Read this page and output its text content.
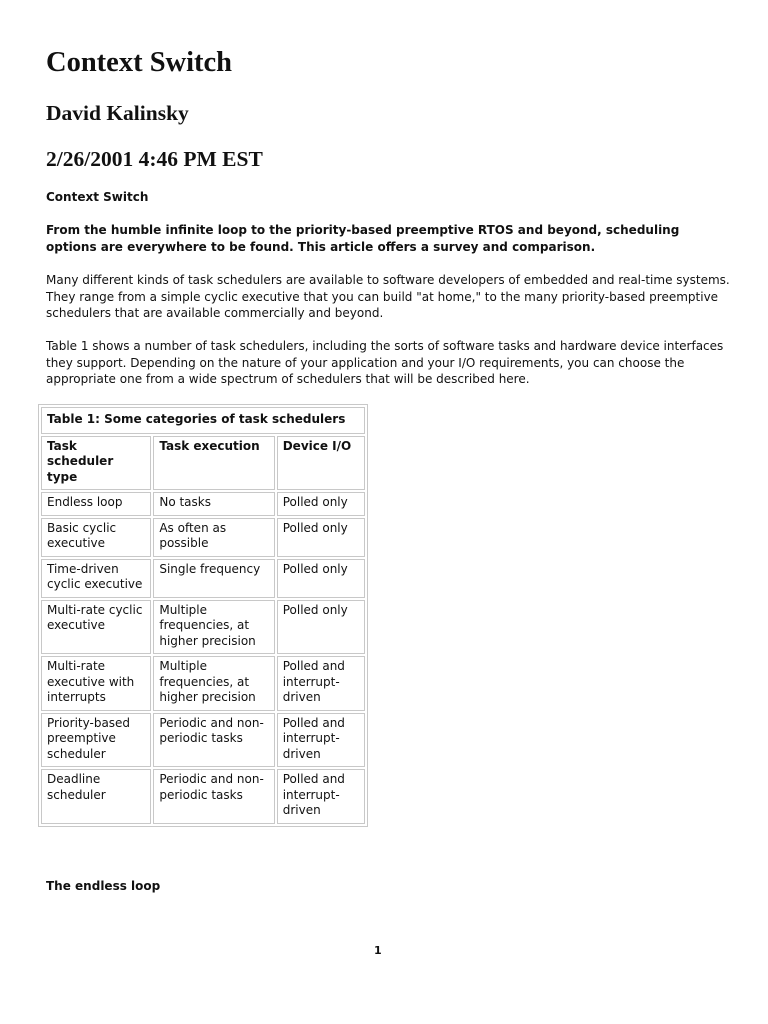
Context Switch
David Kalinsky
2/26/2001 4:46 PM EST
Context Switch

From the humble infinite loop to the priority-based preemptive RTOS and beyond, scheduling options are everywhere to be found. This article offers a survey and comparison.

Many different kinds of task schedulers are available to software developers of embedded and real-time systems. They range from a simple cyclic executive that you can build "at home," to the many priority-based preemptive schedulers that are available commercially and beyond.

Table 1 shows a number of task schedulers, including the sorts of software tasks and hardware device interfaces they support. Depending on the nature of your application and your I/O requirements, you can choose the appropriate one from a wide spectrum of schedulers that will be described here.

Table 1: Some categories of task schedulers		
Task scheduler type	Task execution	Device I/O
Endless loop	No tasks	Polled only
Basic cyclic executive	As often as possible	Polled only
Time-driven cyclic executive	Single frequency	Polled only
Multi-rate cyclic executive	Multiple frequencies, at higher precision	Polled only
Multi-rate executive with interrupts	Multiple frequencies, at higher precision	Polled and interrupt-driven
Priority-based preemptive scheduler	Periodic and non-periodic tasks	Polled and interrupt-driven
Deadline scheduler	Periodic and non-periodic tasks	Polled and interrupt-driven
The endless loop
1
